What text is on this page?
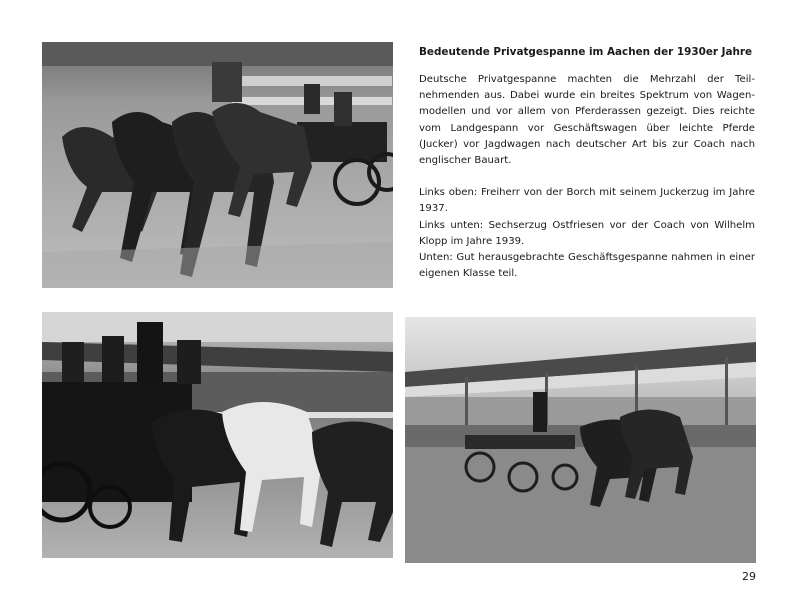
Bedeutende Privatgespanne im Aachen der 1930er Jahre
Deutsche Privatgespanne machten die Mehrzahl der Teilnehmenden aus. Dabei wurde ein breites Spektrum von Wagenmodellen und vor allem von Pferderassen gezeigt. Dies reichte vom Landgespann vor Geschäftswagen über leichte Pferde (Jucker) vor Jagdwagen nach deutscher Art bis zur Coach nach englischer Bauart.
Links oben: Freiherr von der Borch mit seinem Juckerzug im Jahre 1937.
Links unten: Sechserzug Ostfriesen vor der Coach von Wilhelm Klopp im Jahre 1939.
Unten: Gut herausgebrachte Geschäftsgespanne nahmen in einer eigenen Klasse teil.
29
